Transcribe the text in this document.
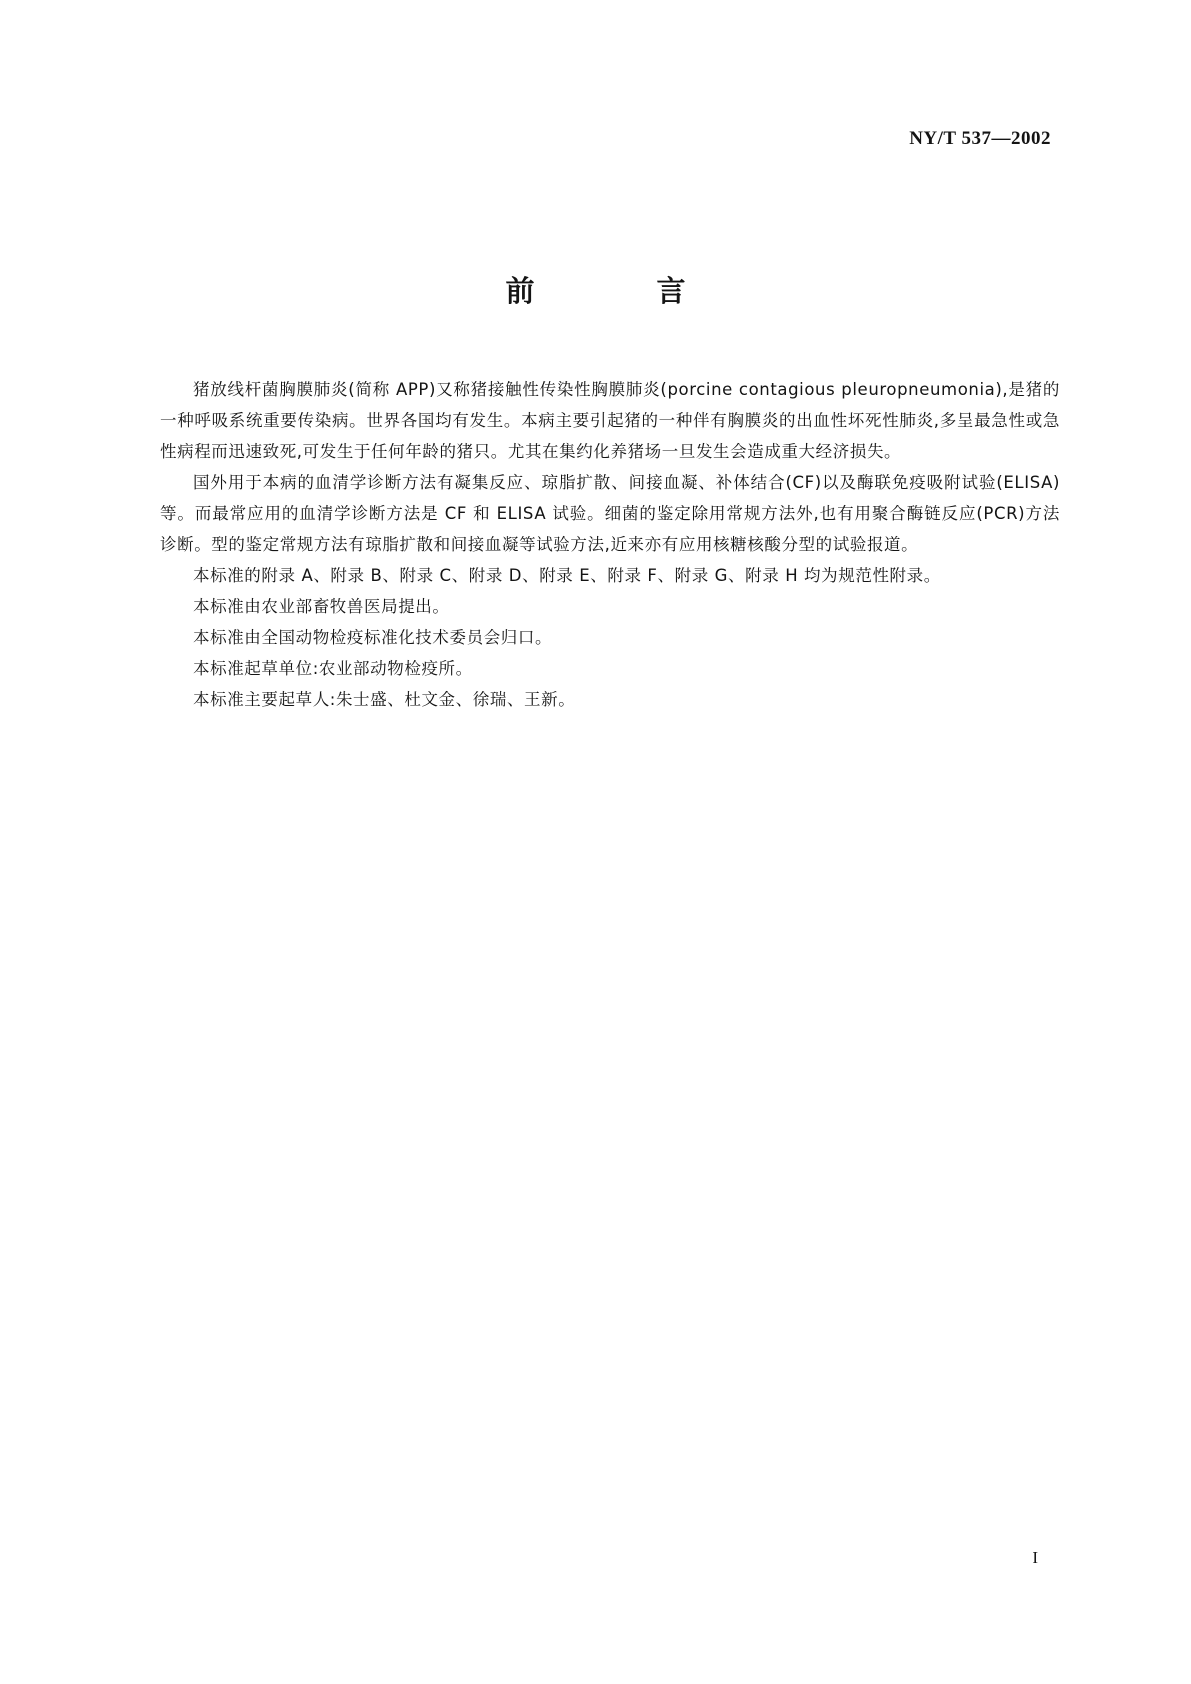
NY/T 537—2002
前 言

猪放线杆菌胸膜肺炎(简称 APP)又称猪接触性传染性胸膜肺炎(porcine contagious pleuropneumonia),是猪的一种呼吸系统重要传染病。世界各国均有发生。本病主要引起猪的一种伴有胸膜炎的出血性坏死性肺炎,多呈最急性或急性病程而迅速致死,可发生于任何年龄的猪只。尤其在集约化养猪场一旦发生会造成重大经济损失。

国外用于本病的血清学诊断方法有凝集反应、琼脂扩散、间接血凝、补体结合(CF)以及酶联免疫吸附试验(ELISA)等。而最常应用的血清学诊断方法是 CF 和 ELISA 试验。细菌的鉴定除用常规方法外,也有用聚合酶链反应(PCR)方法诊断。型的鉴定常规方法有琼脂扩散和间接血凝等试验方法,近来亦有应用核糖核酸分型的试验报道。

本标准的附录 A、附录 B、附录 C、附录 D、附录 E、附录 F、附录 G、附录 H 均为规范性附录。

本标准由农业部畜牧兽医局提出。

本标准由全国动物检疫标准化技术委员会归口。

本标准起草单位:农业部动物检疫所。

本标准主要起草人:朱士盛、杜文金、徐瑞、王新。

I
